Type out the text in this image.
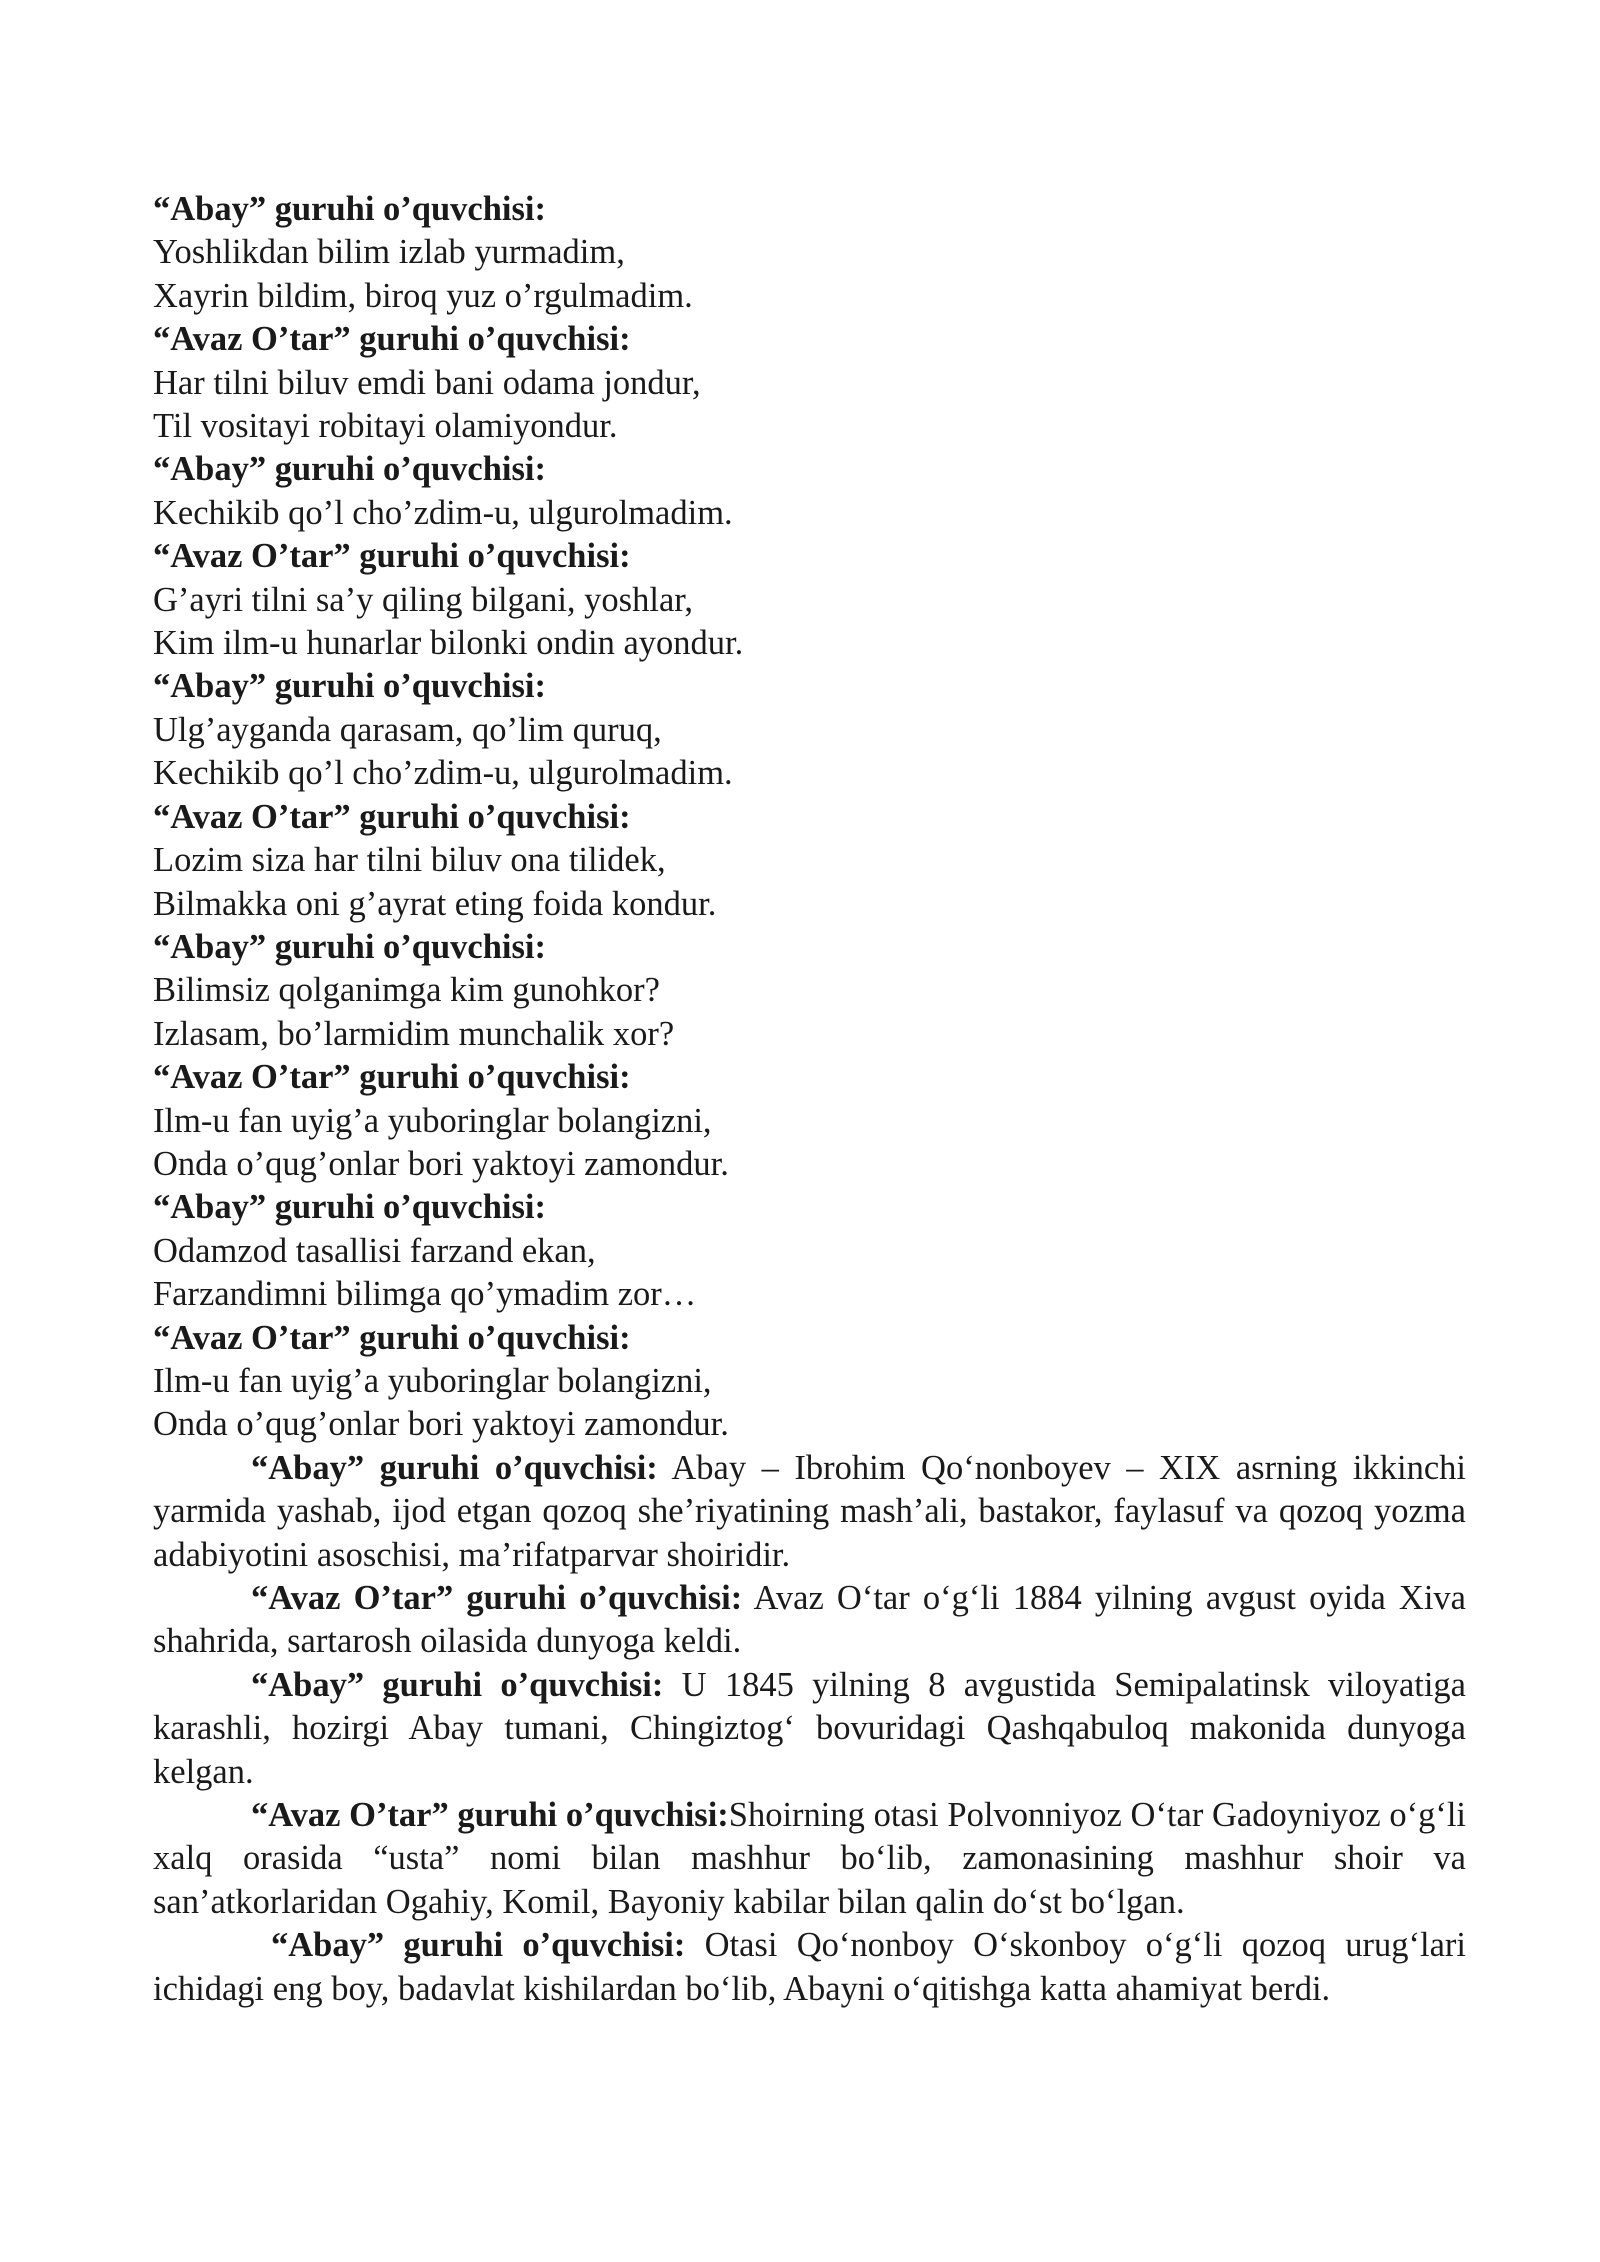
“Abay” guruhi o’quvchisi:
Yoshlikdan bilim izlab yurmadim,
Xayrin bildim, biroq yuz o’rgulmadim.
“Avaz O’tar” guruhi o’quvchisi:
Har tilni biluv emdi bani odama jondur,
Til vositayi robitayi olamiyondur.
“Abay” guruhi o’quvchisi:
Kechikib qo’l cho’zdim-u, ulgurolmadim.
“Avaz O’tar” guruhi o’quvchisi:
G’ayri tilni sa’y qiling bilgani, yoshlar,
Kim ilm-u hunarlar bilonki ondin ayondur.
“Abay” guruhi o’quvchisi:
Ulg’ayganda qarasam, qo’lim quruq,
Kechikib qo’l cho’zdim-u, ulgurolmadim.
“Avaz O’tar” guruhi o’quvchisi:
Lozim siza har tilni biluv ona tilidek,
Bilmakka oni g’ayrat eting foida kondur.
“Abay” guruhi o’quvchisi:
Bilimsiz qolganimga kim gunohkor?
Izlasam, bo’larmidim munchalik xor?
“Avaz O’tar” guruhi o’quvchisi:
Ilm-u fan uyig’a yuboringlar bolangizni,
Onda o’qug’onlar bori yaktoyi zamondur.
“Abay” guruhi o’quvchisi:
Odamzod tasallisi farzand ekan,
Farzandimni bilimga qo’ymadim zor…
“Avaz O’tar” guruhi o’quvchisi:
Ilm-u fan uyig’a yuboringlar bolangizni,
Onda o’qug’onlar bori yaktoyi zamondur.

“Abay” guruhi o’quvchisi: Abay – Ibrohim Qo‘nonboyev – XIX asrning ikkinchi yarmida yashab, ijod etgan qozoq she’riyatining mash’ali, bastakor, faylasuf va qozoq yozma adabiyotini asoschisi, ma’rifatparvar shoiridir.

“Avaz O’tar” guruhi o’quvchisi: Avaz O‘tar o‘g‘li 1884 yilning avgust oyida Xiva shahrida, sartarosh oilasida dunyoga keldi.

“Abay” guruhi o’quvchisi: U 1845 yilning 8 avgustida Semipalatinsk viloyatiga karashli, hozirgi Abay tumani, Chingiztog‘ bovuridagi Qashqabuloq makonida dunyoga kelgan.

“Avaz O’tar” guruhi o’quvchisi:Shoirning otasi Polvonniyoz O‘tar Gadoyniyoz o‘g‘li xalq orasida “usta” nomi bilan mashhur bo‘lib, zamonasining mashhur shoir va san’atkorlaridan Ogahiy, Komil, Bayoniy kabilar bilan qalin do‘st bo‘lgan.

“Abay” guruhi o’quvchisi: Otasi Qo‘nonboy O‘skonboy o‘g‘li qozoq urug‘lari ichidagi eng boy, badavlat kishilardan bo‘lib, Abayni o‘qitishga katta ahamiyat berdi.
